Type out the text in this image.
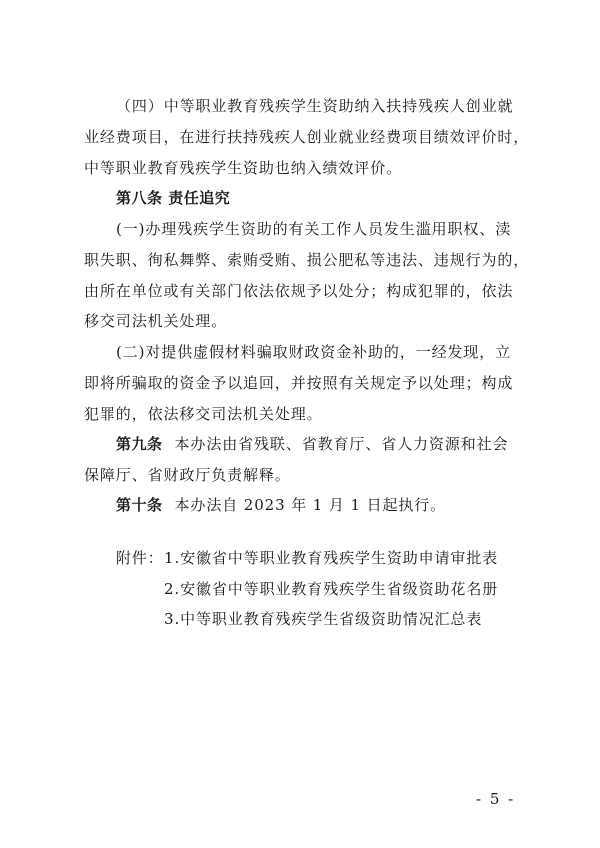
（四）中等职业教育残疾学生资助纳入扶持残疾人创业就
业经费项目，在进行扶持残疾人创业就业经费项目绩效评价时，
中等职业教育残疾学生资助也纳入绩效评价。
第八条 责任追究
(一)办理残疾学生资助的有关工作人员发生滥用职权、渎
职失职、徇私舞弊、索贿受贿、损公肥私等违法、违规行为的，
由所在单位或有关部门依法依规予以处分；构成犯罪的，依法
移交司法机关处理。
(二)对提供虚假材料骗取财政资金补助的，一经发现，立
即将所骗取的资金予以追回，并按照有关规定予以处理；构成
犯罪的，依法移交司法机关处理。
第九条 本办法由省残联、省教育厅、省人力资源和社会
保障厅、省财政厅负责解释。
第十条 本办法自 2023 年 1 月 1 日起执行。
附件： 1.安徽省中等职业教育残疾学生资助申请审批表
2.安徽省中等职业教育残疾学生省级资助花名册
3.中等职业教育残疾学生省级资助情况汇总表
- 5 -
